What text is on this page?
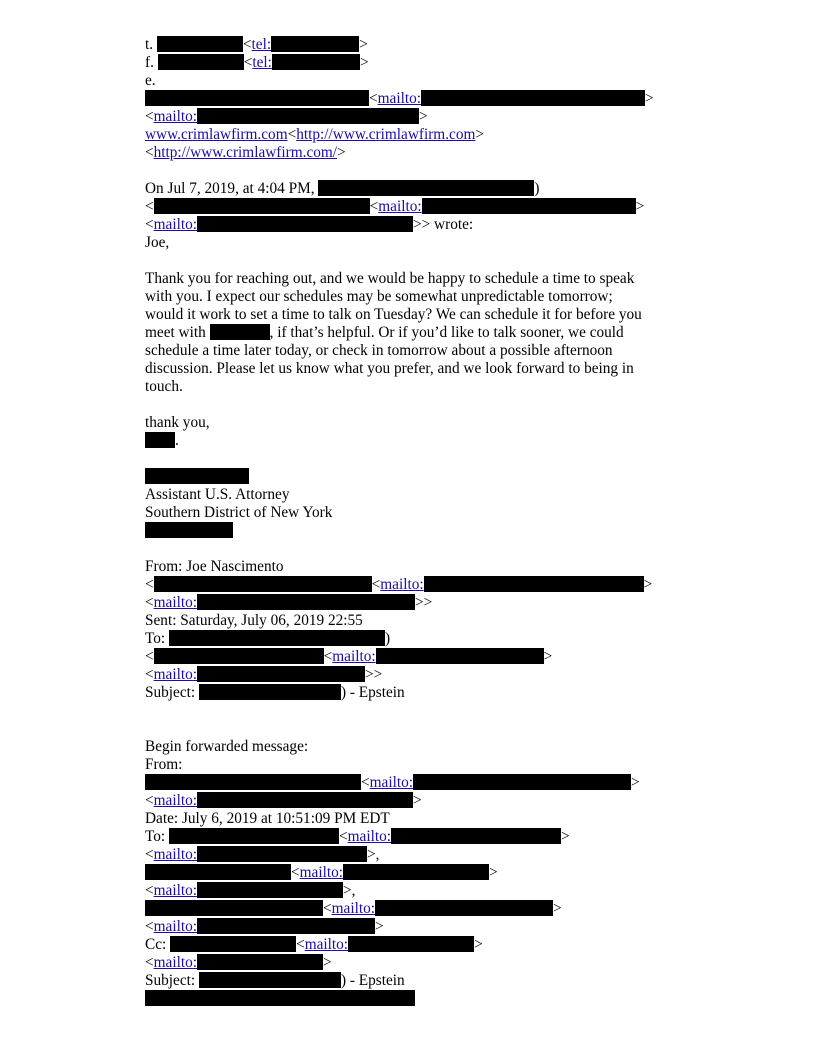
t.	<tel:	>
f.	<tel:	>
e.
<mailto:	>
<mailto:	>
www.crimlawfirm.com<http://www.crimlawfirm.com>
<http://www.crimlawfirm.com/>
On Jul 7, 2019, at 4:04 PM,	)
<	<mailto:	>
<mailto:	>> wrote:
Joe,
Thank you for reaching out, and we would be happy to schedule a time to speak
with you. I expect our schedules may be somewhat unpredictable tomorrow;
would it work to set a time to talk on Tuesday? We can schedule it for before you
meet with	, if that’s helpful. Or if you’d like to talk sooner, we could
schedule a time later today, or check in tomorrow about a possible afternoon
discussion. Please let us know what you prefer, and we look forward to being in
touch.
thank you,
.
Assistant U.S. Attorney
Southern District of New York
From: Joe Nascimento
<	<mailto:	>
<mailto:	>>
Sent: Saturday, July 06, 2019 22:55
To:	)
<	<mailto:	>
<mailto:	>>
Subject:	) - Epstein
Begin forwarded message:
From:
<mailto:	>
<mailto:	>
Date: July 6, 2019 at 10:51:09 PM EDT
To:	<mailto:	>
<mailto:	>,
<mailto:	>
<mailto:	>,
<mailto:	>
<mailto:	>
Cc:	<mailto:	>
<mailto:	>
Subject:	) - Epstein
